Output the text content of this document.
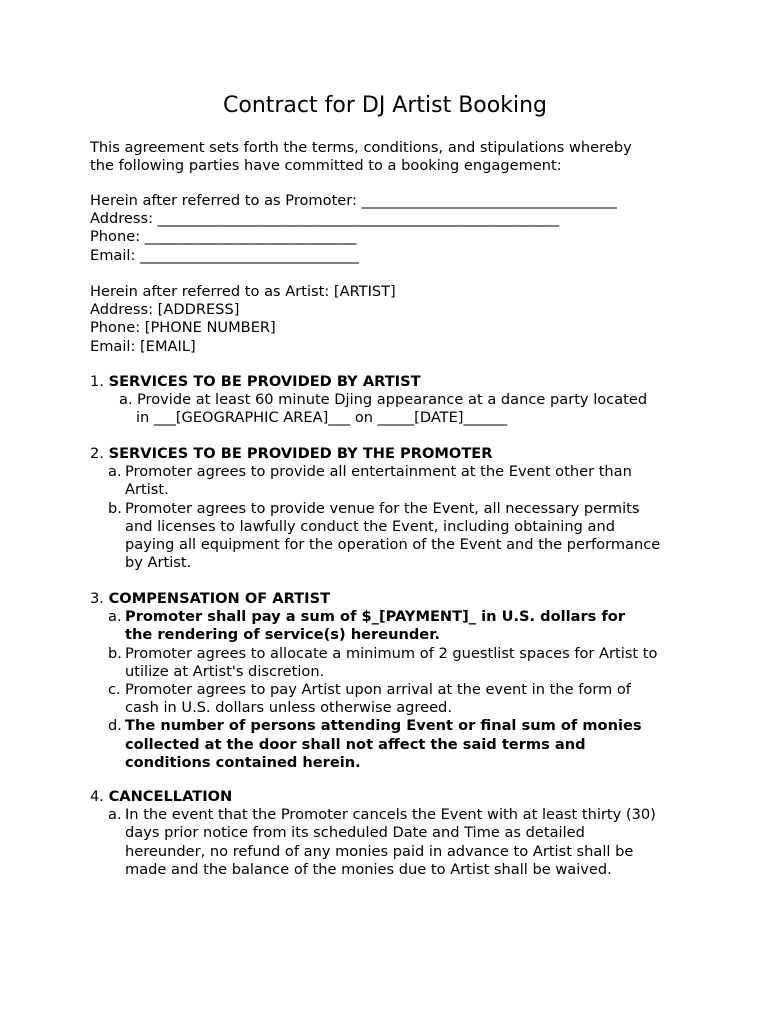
Contract for DJ Artist Booking
This agreement sets forth the terms, conditions, and stipulations whereby
the following parties have committed to a booking engagement:
Herein after referred to as Promoter: ___________________________________
Address: _______________________________________________________
Phone: _____________________________
Email: ______________________________
Herein after referred to as Artist: [ARTIST]
Address: [ADDRESS]
Phone: [PHONE NUMBER]
Email: [EMAIL]
1. SERVICES TO BE PROVIDED BY ARTIST
a. Provide at least 60 minute Djing appearance at a dance party located
in ___[GEOGRAPHIC AREA]___ on _____[DATE]______
2. SERVICES TO BE PROVIDED BY THE PROMOTER
a. Promoter agrees to provide all entertainment at the Event other than
Artist.
b. Promoter agrees to provide venue for the Event, all necessary permits
and licenses to lawfully conduct the Event, including obtaining and
paying all equipment for the operation of the Event and the performance
by Artist.
3. COMPENSATION OF ARTIST
a. Promoter shall pay a sum of $_[PAYMENT]_ in U.S. dollars for
the rendering of service(s) hereunder.
b. Promoter agrees to allocate a minimum of 2 guestlist spaces for Artist to
utilize at Artist's discretion.
c. Promoter agrees to pay Artist upon arrival at the event in the form of
cash in U.S. dollars unless otherwise agreed.
d. The number of persons attending Event or final sum of monies
collected at the door shall not affect the said terms and
conditions contained herein.
4. CANCELLATION
a. In the event that the Promoter cancels the Event with at least thirty (30)
days prior notice from its scheduled Date and Time as detailed
hereunder, no refund of any monies paid in advance to Artist shall be
made and the balance of the monies due to Artist shall be waived.
